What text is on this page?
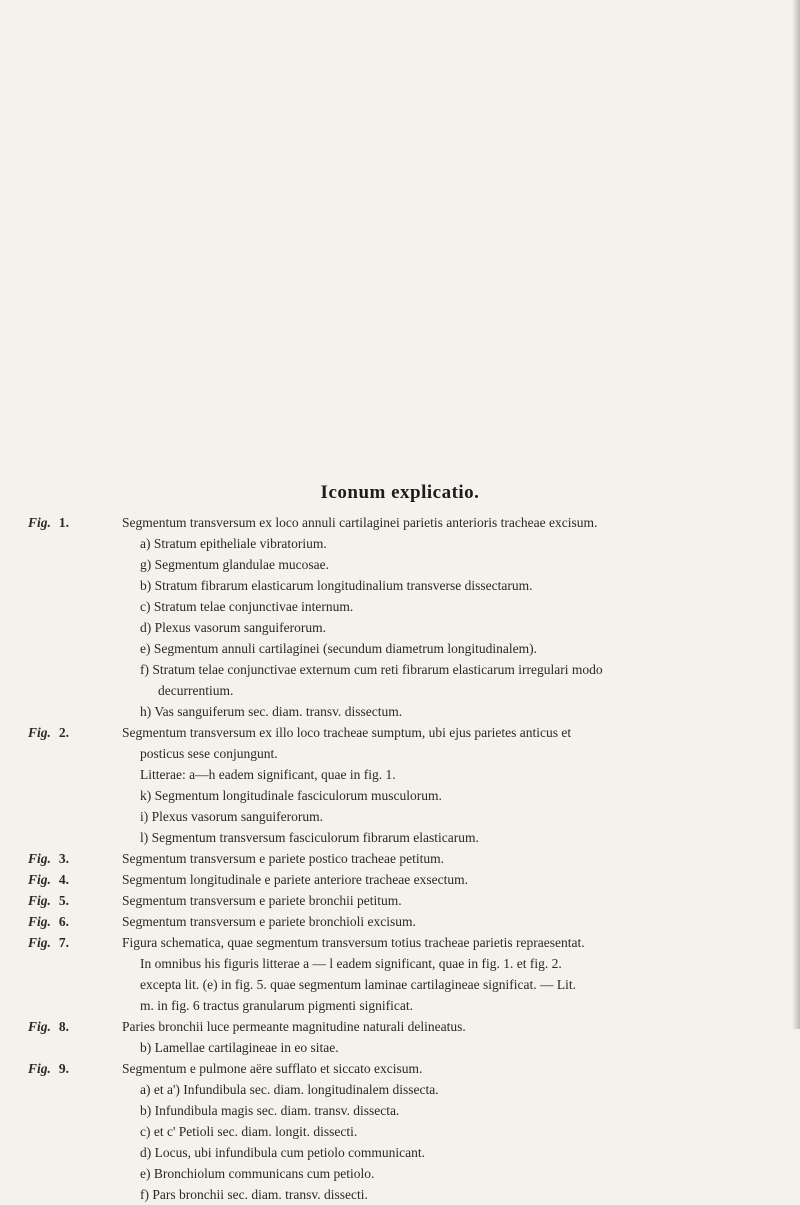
Iconum explicatio.
Fig. 1.	Segmentum transversum ex loco annuli cartilaginei parietis anterioris tracheae excisum.
a) Stratum epitheliale vibratorium.
g) Segmentum glandulae mucosae.
b) Stratum fibrarum elasticarum longitudinalium transverse dissectarum.
c) Stratum telae conjunctivae internum.
d) Plexus vasorum sanguiferorum.
e) Segmentum annuli cartilaginei (secundum diametrum longitudinalem).
f) Stratum telae conjunctivae externum cum reti fibrarum elasticarum irregulari modo
decurrentium.
h) Vas sanguiferum sec. diam. transv. dissectum.
Fig. 2.	Segmentum transversum ex illo loco tracheae sumptum, ubi ejus parietes anticus et
posticus sese conjungunt.
Litterae: a—h eadem significant, quae in fig. 1.
k) Segmentum longitudinale fasciculorum musculorum.
i) Plexus vasorum sanguiferorum.
l) Segmentum transversum fasciculorum fibrarum elasticarum.
Fig. 3.	Segmentum transversum e pariete postico tracheae petitum.
Fig. 4.	Segmentum longitudinale e pariete anteriore tracheae exsectum.
Fig. 5.	Segmentum transversum e pariete bronchii petitum.
Fig. 6.	Segmentum transversum e pariete bronchioli excisum.
Fig. 7.	Figura schematica, quae segmentum transversum totius tracheae parietis repraesentat.
In omnibus his figuris litterae a — l eadem significant, quae in fig. 1. et fig. 2.
excepta lit. (e) in fig. 5. quae segmentum laminae cartilagineae significat. — Lit.
m. in fig. 6 tractus granularum pigmenti significat.
Fig. 8.	Paries bronchii luce permeante magnitudine naturali delineatus.
b) Lamellae cartilagineae in eo sitae.
Fig. 9.	Segmentum e pulmone aëre sufflato et siccato excisum.
a) et a') Infundibula sec. diam. longitudinalem dissecta.
b) Infundibula magis sec. diam. transv. dissecta.
c) et c' Petioli sec. diam. longit. dissecti.
d) Locus, ubi infundibula cum petiolo communicant.
e) Bronchiolum communicans cum petiolo.
f) Pars bronchii sec. diam. transv. dissecti.
